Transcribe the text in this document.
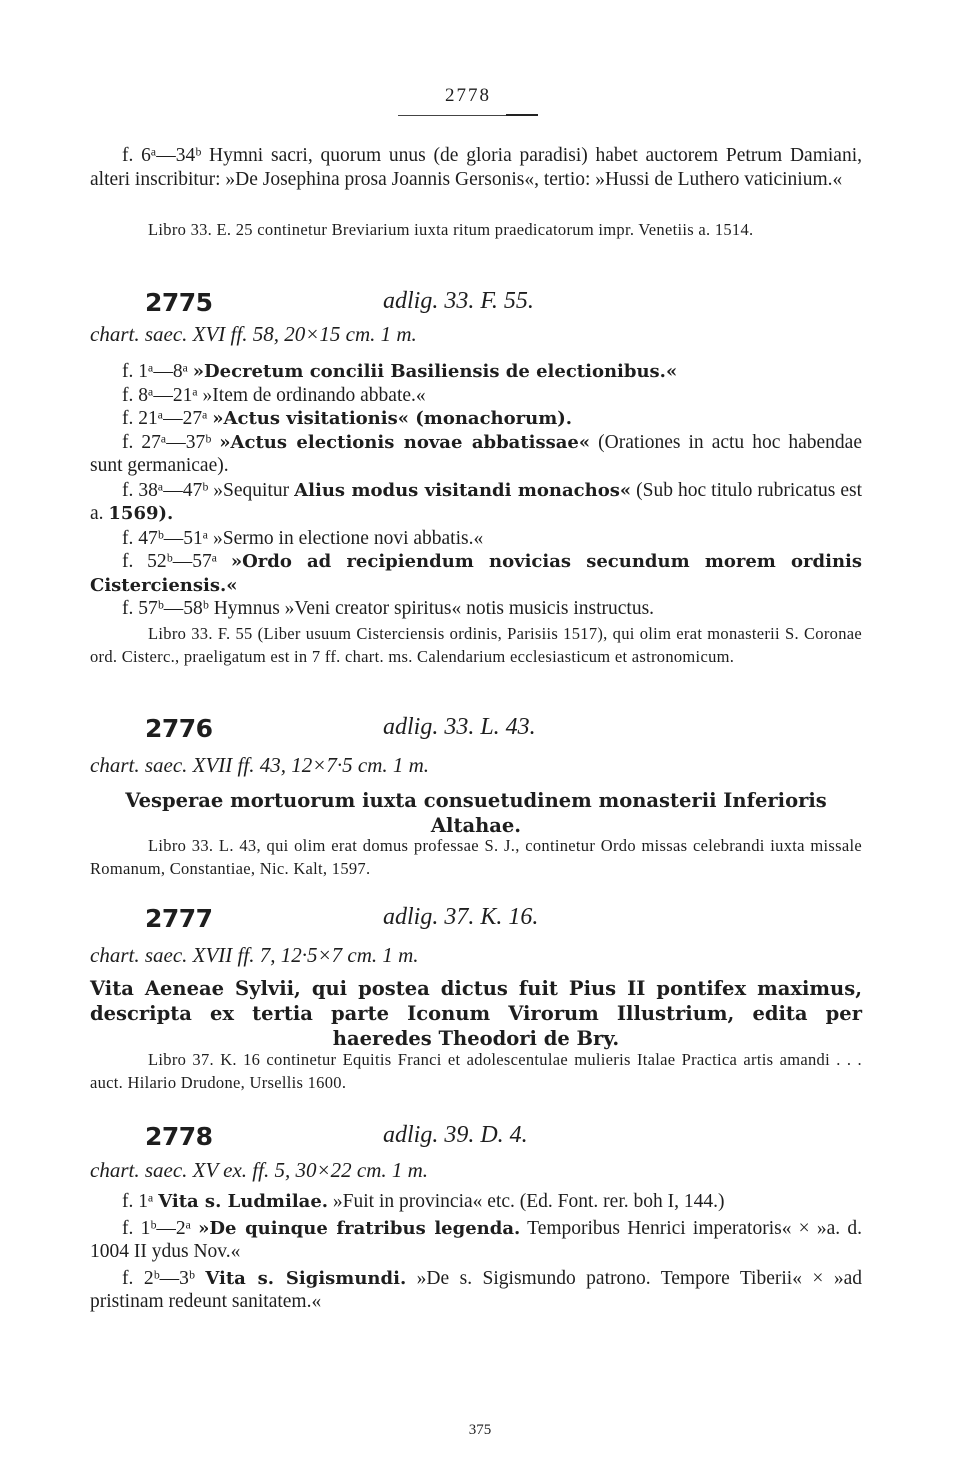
2778

f. 6ᵃ—34ᵇ Hymni sacri, quorum unus (de gloria paradisi) habet auctorem Petrum Damiani, alteri inscribitur: »De Josephina prosa Joannis Gersonis«, tertio: »Hussi de Luthero vaticinium.«

Libro 33. E. 25 continetur Breviarium iuxta ritum praedicatorum impr. Venetiis a. 1514.

2775	adlig. 33. F. 55.
chart. saec. XVI ff. 58, 20×15 cm. 1 m.

f. 1ᵃ—8ᵃ »Decretum concilii Basiliensis de electionibus.«

f. 8ᵃ—21ᵃ »Item de ordinando abbate.«

f. 21ᵃ—27ᵃ »Actus visitationis« (monachorum).

f. 27ᵃ—37ᵇ »Actus electionis novae abbatissae« (Orationes in actu hoc habendae sunt germanicae).

f. 38ᵃ—47ᵇ »Sequitur Alius modus visitandi monachos« (Sub hoc titulo rubricatus est a. 1569).

f. 47ᵇ—51ᵃ »Sermo in electione novi abbatis.«

f. 52ᵇ—57ᵃ »Ordo ad recipiendum novicias secundum morem ordinis Cisterciensis.«

f. 57ᵇ—58ᵇ Hymnus »Veni creator spiritus« notis musicis instructus.

Libro 33. F. 55 (Liber usuum Cisterciensis ordinis, Parisiis 1517), qui olim erat monasterii S. Coronae ord. Cisterc., praeligatum est in 7 ff. chart. ms. Calendarium ecclesiasticum et astronomicum.

2776	adlig. 33. L. 43.
chart. saec. XVII ff. 43, 12×7·5 cm. 1 m.
Vesperae mortuorum iuxta consuetudinem monasterii Inferioris
Altahae.

Libro 33. L. 43, qui olim erat domus professae S. J., continetur Ordo missas celebrandi iuxta missale Romanum, Constantiae, Nic. Kalt, 1597.

2777	adlig. 37. K. 16.
chart. saec. XVII ff. 7, 12·5×7 cm. 1 m.
Vita Aeneae Sylvii, qui postea dictus fuit Pius II pontifex maximus, descripta ex tertia parte Iconum Virorum Illustrium, edita per haeredes Theodori de Bry.

Libro 37. K. 16 continetur Equitis Franci et adolescentulae mulieris Italae Practica artis amandi . . . auct. Hilario Drudone, Ursellis 1600.

2778	adlig. 39. D. 4.
chart. saec. XV ex. ff. 5, 30×22 cm. 1 m.

f. 1ᵃ Vita s. Ludmilae. »Fuit in provincia« etc. (Ed. Font. rer. boh I, 144.)

f. 1ᵇ—2ᵃ »De quinque fratribus legenda. Temporibus Henrici imperatoris« × »a. d. 1004 II ydus Nov.«

f. 2ᵇ—3ᵇ Vita s. Sigismundi. »De s. Sigismundo patrono. Tempore Tiberii« × »ad pristinam redeunt sanitatem.«

375
